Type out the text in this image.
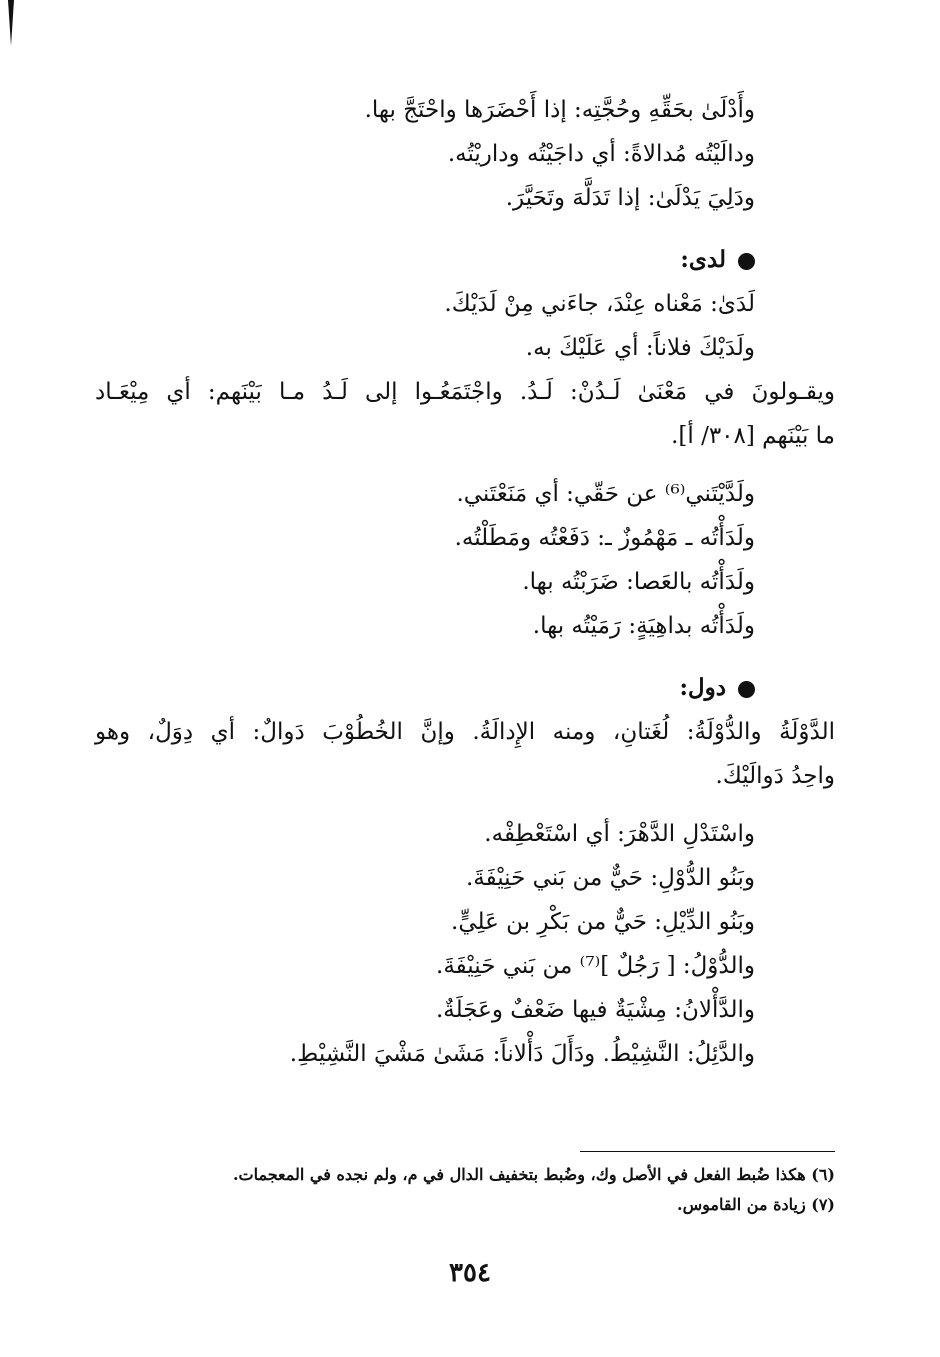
وأَدْلَىٰ بحَقِّهِ وحُجَّتِه: إذا أَحْضَرَها واحْتَجَّ بها.
ودالَيْتُه مُدالاةً: أي داجَيْتُه وداريْتُه.
ودَلِيَ يَدْلَىٰ: إذا تَدَلَّهَ وتَحَيَّرَ.
لدى:
لَدَىٰ: مَعْناه عِنْدَ، جاءَني مِنْ لَدَيْكَ.
ولَدَيْكَ فلاناً: أي عَلَيْكَ به.
ويقـولونَ في مَعْنَىٰ لَـدُنْ: لَـدُ. واجْتَمَعُـوا إلى لَـدُ مـا بَيْنَهم: أي مِيْعَـاد
ما بَيْنَهم [٣٠٨/ أ].
ولَدَّيْتَني⁽⁶⁾ عن حَقّي: أي مَنَعْتَني.
ولَدَأْتُه ـ مَهْمُوزٌ ـ: دَفَعْتُه ومَطَلْتُه.
ولَدَأْتُه بالعَصا: ضَرَبْتُه بها.
ولَدَأْتُه بداهِيَةٍ: رَمَيْتُه بها.
دول:
الدَّوْلَةُ والدُّوْلَةُ: لُغَتانِ، ومنه الإِدالَةُ. وإنَّ الخُطُوْبَ دَوالٌ: أي دِوَلٌ، وهو
واحِدُ دَوالَيْكَ.
واسْتَدْلِ الدَّهْرَ: أي اسْتَعْطِفْه.
وبَنُو الدُّوْلِ: حَيٌّ من بَني حَنِيْفَةَ.
وبَنُو الدِّيْلِ: حَيٌّ من بَكْرِ بن عَلِيٍّ.
والدُّوْلُ: [ رَجُلٌ ]⁽⁷⁾ من بَني حَنِيْفَةَ.
والدَّأْلانُ: مِشْيَةٌ فيها ضَعْفٌ وعَجَلَةٌ.
والدَّئِلُ: النَّشِيْطُ. ودَأَلَ دَأْلاناً: مَشَىٰ مَشْيَ النَّشِيْطِ.
(٦) هكذا ضُبط الفعل في الأصل وك، وضُبط بتخفيف الدال في م، ولم نجده في المعجمات.
(٧) زيادة من القاموس.
٣٥٤
